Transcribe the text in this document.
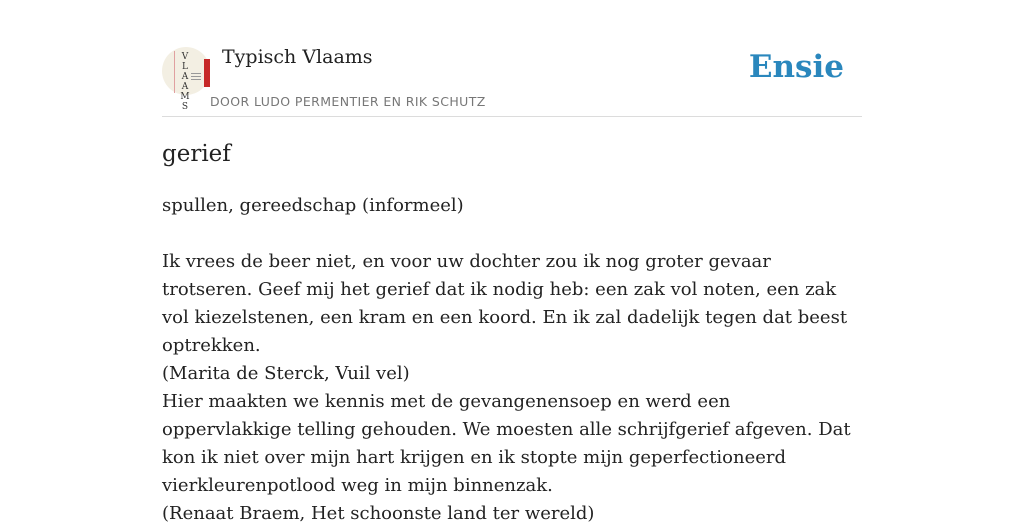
V
L
A
A
M
S
Typisch Vlaams
DOOR LUDO PERMENTIER EN RIK SCHUTZ
Ensie
gerief

spullen, gereedschap (informeel)

Ik vrees de beer niet, en voor uw dochter zou ik nog groter gevaar trotseren. Geef mij het gerief dat ik nodig heb: een zak vol noten, een zak vol kiezelstenen, een kram en een koord. En ik zal dadelijk tegen dat beest optrekken.

(Marita de Sterck, Vuil vel)

Hier maakten we kennis met de gevangenensoep en werd een oppervlakkige telling gehouden. We moesten alle schrijfgerief afgeven. Dat kon ik niet over mijn hart krijgen en ik stopte mijn geperfectioneerd vierkleurenpotlood weg in mijn binnenzak.

(Renaat Braem, Het schoonste land ter wereld)
